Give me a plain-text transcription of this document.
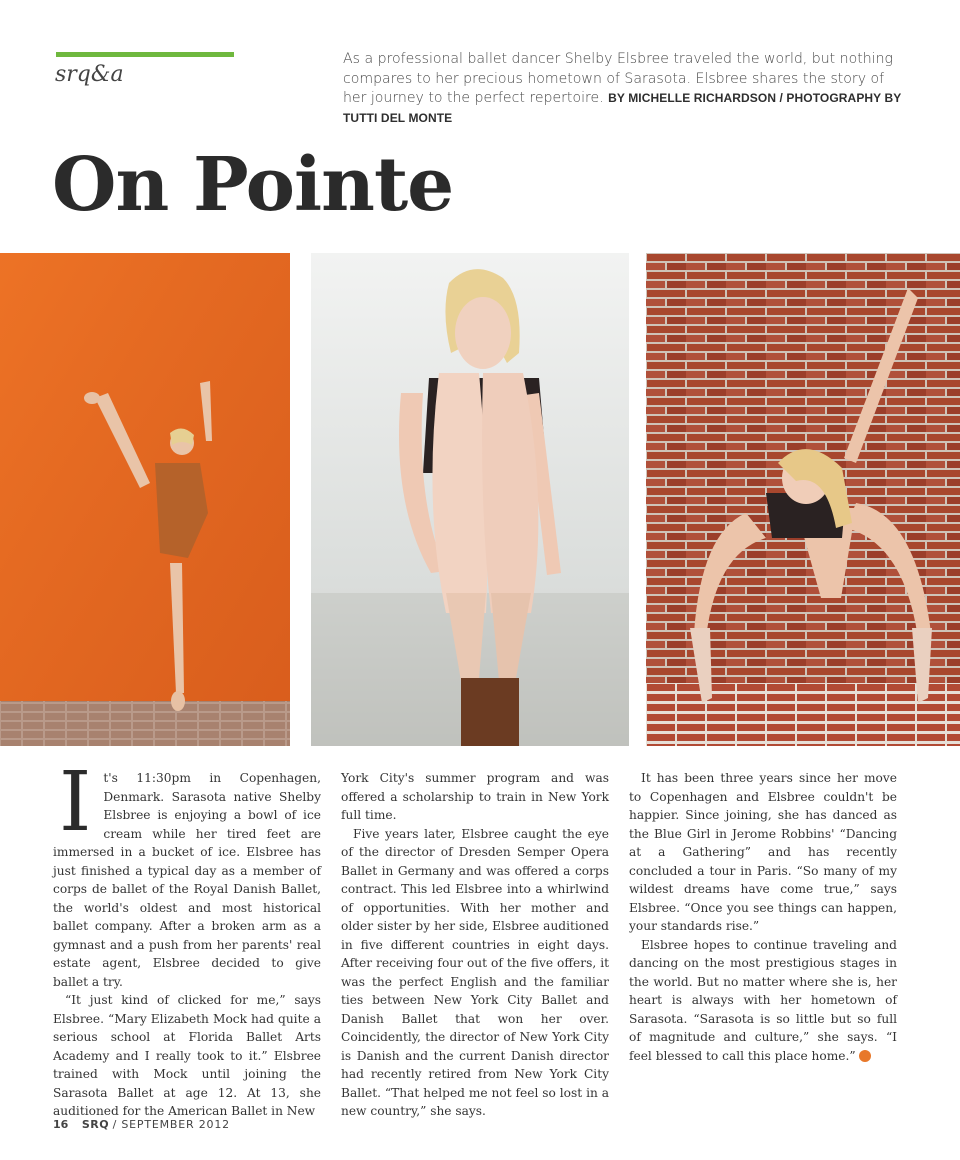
srq&a
As a professional ballet dancer Shelby Elsbree traveled the world, but nothing compares to her precious hometown of Sarasota. Elsbree shares the story of her journey to the perfect repertoire. BY MICHELLE RICHARDSON / PHOTOGRAPHY BY TUTTI DEL MONTE
On Pointe

It's 11:30pm in Copenhagen, Denmark. Sarasota native Shelby Elsbree is enjoying a bowl of ice cream while her tired feet are immersed in a bucket of ice. Elsbree has just finished a typical day as a member of corps de ballet of the Royal Danish Ballet, the world's oldest and most historical ballet company. After a broken arm as a gymnast and a push from her parents' real estate agent, Elsbree decided to give ballet a try.

“It just kind of clicked for me,” says Elsbree. “Mary Elizabeth Mock had quite a serious school at Florida Ballet Arts Academy and I really took to it.” Elsbree trained with Mock until joining the Sarasota Ballet at age 12. At 13, she auditioned for the American Ballet in New

York City's summer program and was offered a scholarship to train in New York full time.

Five years later, Elsbree caught the eye of the director of Dresden Semper Opera Ballet in Germany and was offered a corps contract. This led Elsbree into a whirlwind of opportunities. With her mother and older sister by her side, Elsbree auditioned in five different countries in eight days. After receiving four out of the five offers, it was the perfect English and the familiar ties between New York City Ballet and Danish Ballet that won her over. Coincidently, the director of New York City is Danish and the current Danish director had recently retired from New York City Ballet. “That helped me not feel so lost in a new country,” she says.

It has been three years since her move to Copenhagen and Elsbree couldn't be happier. Since joining, she has danced as the Blue Girl in Jerome Robbins' “Dancing at a Gathering” and has recently concluded a tour in Paris. “So many of my wildest dreams have come true,” says Elsbree. “Once you see things can happen, your standards rise.”

Elsbree hopes to continue traveling and dancing on the most prestigious stages in the world. But no matter where she is, her heart is always with her hometown of Sarasota. “Sarasota is so little but so full of magnitude and culture,” she says. “I feel blessed to call this place home.” S

16 SRQ / SEPTEMBER 2012
